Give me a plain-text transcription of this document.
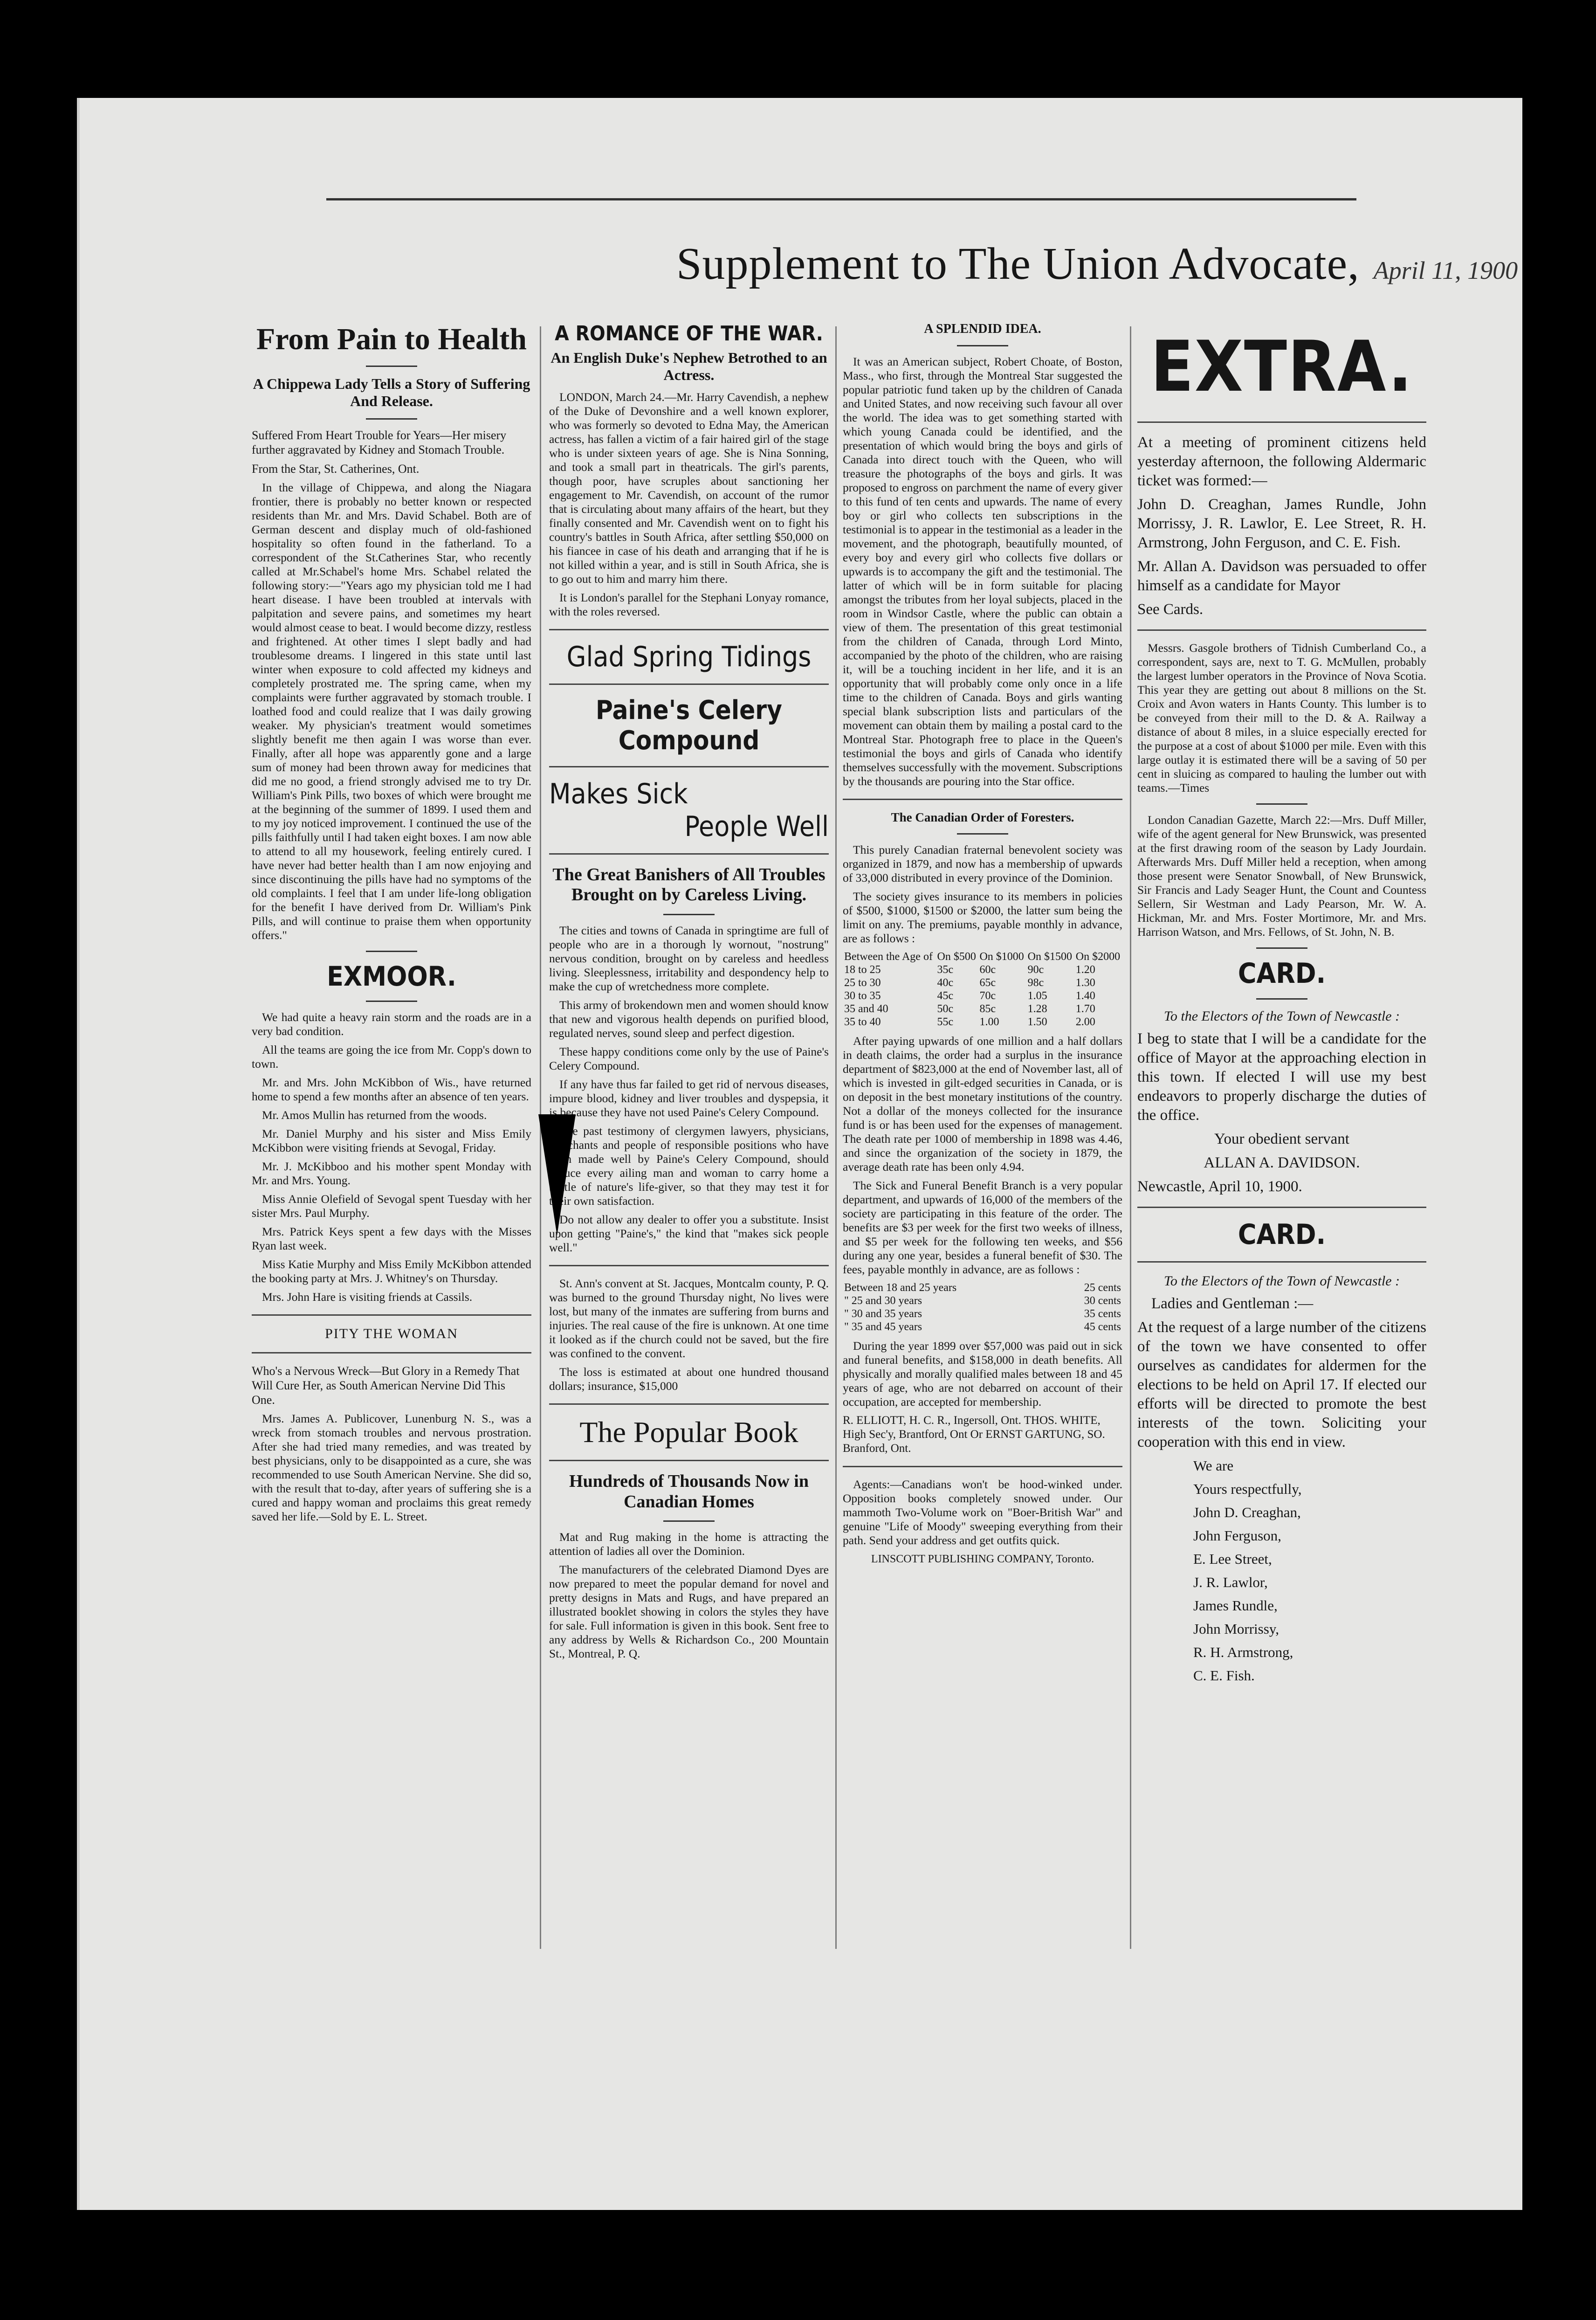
Supplement to The Union Advocate, April 11, 1900
From Pain to Health
A Chippewa Lady Tells a Story of Suffering And Release.

Suffered From Heart Trouble for Years—Her misery further aggravated by Kidney and Stomach Trouble.

From the Star, St. Catherines, Ont.

In the village of Chippewa, and along the Niagara frontier, there is probably no better known or respected residents than Mr. and Mrs. David Schabel. Both are of German descent and display much of old-fashioned hospitality so often found in the fatherland. To a correspondent of the St.Catherines Star, who recently called at Mr.Schabel's home Mrs. Schabel related the following story:—"Years ago my physician told me I had heart disease. I have been troubled at intervals with palpitation and severe pains, and sometimes my heart would almost cease to beat. I would become dizzy, restless and frightened. At other times I slept badly and had troublesome dreams. I lingered in this state until last winter when exposure to cold affected my kidneys and completely prostrated me. The spring came, when my complaints were further aggravated by stomach trouble. I loathed food and could realize that I was daily growing weaker. My physician's treatment would sometimes slightly benefit me then again I was worse than ever. Finally, after all hope was apparently gone and a large sum of money had been thrown away for medicines that did me no good, a friend strongly advised me to try Dr. William's Pink Pills, two boxes of which were brought me at the beginning of the summer of 1899. I used them and to my joy noticed improvement. I continued the use of the pills faithfully until I had taken eight boxes. I am now able to attend to all my housework, feeling entirely cured. I have never had better health than I am now enjoying and since discontinuing the pills have had no symptoms of the old complaints. I feel that I am under life-long obligation for the benefit I have derived from Dr. William's Pink Pills, and will continue to praise them when opportunity offers."

EXMOOR.

We had quite a heavy rain storm and the roads are in a very bad condition.

All the teams are going the ice from Mr. Copp's down to town.

Mr. and Mrs. John McKibbon of Wis., have returned home to spend a few months after an absence of ten years.

Mr. Amos Mullin has returned from the woods.

Mr. Daniel Murphy and his sister and Miss Emily McKibbon were visiting friends at Sevogal, Friday.

Mr. J. McKibboo and his mother spent Monday with Mr. and Mrs. Young.

Miss Annie Olefield of Sevogal spent Tuesday with her sister Mrs. Paul Murphy.

Mrs. Patrick Keys spent a few days with the Misses Ryan last week.

Miss Katie Murphy and Miss Emily McKibbon attended the booking party at Mrs. J. Whitney's on Thursday.

Mrs. John Hare is visiting friends at Cassils.

PITY THE WOMAN

Who's a Nervous Wreck—But Glory in a Remedy That Will Cure Her, as South American Nervine Did This One.

Mrs. James A. Publicover, Lunenburg N. S., was a wreck from stomach troubles and nervous prostration. After she had tried many remedies, and was treated by best physicians, only to be disappointed as a cure, she was recommended to use South American Nervine. She did so, with the result that to-day, after years of suffering she is a cured and happy woman and proclaims this great remedy saved her life.—Sold by E. L. Street.

A ROMANCE OF THE WAR.
An English Duke's Nephew Betrothed to an Actress.

LONDON, March 24.—Mr. Harry Cavendish, a nephew of the Duke of Devonshire and a well known explorer, who was formerly so devoted to Edna May, the American actress, has fallen a victim of a fair haired girl of the stage who is under sixteen years of age. She is Nina Sonning, and took a small part in theatricals. The girl's parents, though poor, have scruples about sanctioning her engagement to Mr. Cavendish, on account of the rumor that is circulating about many affairs of the heart, but they finally consented and Mr. Cavendish went on to fight his country's battles in South Africa, after settling $50,000 on his fiancee in case of his death and arranging that if he is not killed within a year, and is still in South Africa, she is to go out to him and marry him there.

It is London's parallel for the Stephani Lonyay romance, with the roles reversed.

Glad Spring Tidings
Paine's Celery Compound
Makes Sick
People Well
The Great Banishers of All Troubles Brought on by Careless Living.

The cities and towns of Canada in springtime are full of people who are in a thorough ly wornout, "nostrung" nervous condition, brought on by careless and heedless living. Sleeplessness, irritability and despondency help to make the cup of wretchedness more complete.

This army of brokendown men and women should know that new and vigorous health depends on purified blood, regulated nerves, sound sleep and perfect digestion.

These happy conditions come only by the use of Paine's Celery Compound.

If any have thus far failed to get rid of nervous diseases, impure blood, kidney and liver troubles and dyspepsia, it is because they have not used Paine's Celery Compound.

The past testimony of clergymen lawyers, physicians, merchants and people of responsible positions who have been made well by Paine's Celery Compound, should induce every ailing man and woman to carry home a bottle of nature's life-giver, so that they may test it for their own satisfaction.

Do not allow any dealer to offer you a substitute. Insist upon getting "Paine's," the kind that "makes sick people well."

St. Ann's convent at St. Jacques, Montcalm county, P. Q. was burned to the ground Thursday night, No lives were lost, but many of the inmates are suffering from burns and injuries. The real cause of the fire is unknown. At one time it looked as if the church could not be saved, but the fire was confined to the convent.

The loss is estimated at about one hundred thousand dollars; insurance, $15,000

The Popular Book
Hundreds of Thousands Now in Canadian Homes

Mat and Rug making in the home is attracting the attention of ladies all over the Dominion.

The manufacturers of the celebrated Diamond Dyes are now prepared to meet the popular demand for novel and pretty designs in Mats and Rugs, and have prepared an illustrated booklet showing in colors the styles they have for sale. Full information is given in this book. Sent free to any address by Wells & Richardson Co., 200 Mountain St., Montreal, P. Q.

A SPLENDID IDEA.

It was an American subject, Robert Choate, of Boston, Mass., who first, through the Montreal Star suggested the popular patriotic fund taken up by the children of Canada and United States, and now receiving such favour all over the world. The idea was to get something started with which young Canada could be identified, and the presentation of which would bring the boys and girls of Canada into direct touch with the Queen, who will treasure the photographs of the boys and girls. It was proposed to engross on parchment the name of every giver to this fund of ten cents and upwards. The name of every boy or girl who collects ten subscriptions in the testimonial is to appear in the testimonial as a leader in the movement, and the photograph, beautifully mounted, of every boy and every girl who collects five dollars or upwards is to accompany the gift and the testimonial. The latter of which will be in form suitable for placing amongst the tributes from her loyal subjects, placed in the room in Windsor Castle, where the public can obtain a view of them. The presentation of this great testimonial from the children of Canada, through Lord Minto, accompanied by the photo of the children, who are raising it, will be a touching incident in her life, and it is an opportunity that will probably come only once in a life time to the children of Canada. Boys and girls wanting special blank subscription lists and particulars of the movement can obtain them by mailing a postal card to the Montreal Star. Photograph free to place in the Queen's testimonial the boys and girls of Canada who identify themselves successfully with the movement. Subscriptions by the thousands are pouring into the Star office.

The Canadian Order of Foresters.

This purely Canadian fraternal benevolent society was organized in 1879, and now has a membership of upwards of 33,000 distributed in every province of the Dominion.

The society gives insurance to its members in policies of $500, $1000, $1500 or $2000, the latter sum being the limit on any. The premiums, payable monthly in advance, are as follows :

Between the Age of	On $500	On $1000	On $1500	On $2000
18 to 25	35c	60c	90c	1.20
25 to 30	40c	65c	98c	1.30
30 to 35	45c	70c	1.05	1.40
35 and 40	50c	85c	1.28	1.70
35 to 40	55c	1.00	1.50	2.00

After paying upwards of one million and a half dollars in death claims, the order had a surplus in the insurance department of $823,000 at the end of November last, all of which is invested in gilt-edged securities in Canada, or is on deposit in the best monetary institutions of the country. Not a dollar of the moneys collected for the insurance fund is or has been used for the expenses of management. The death rate per 1000 of membership in 1898 was 4.46, and since the organization of the society in 1879, the average death rate has been only 4.94.

The Sick and Funeral Benefit Branch is a very popular department, and upwards of 16,000 of the members of the society are participating in this feature of the order. The benefits are $3 per week for the first two weeks of illness, and $5 per week for the following ten weeks, and $56 during any one year, besides a funeral benefit of $30. The fees, payable monthly in advance, are as follows :

Between 18 and 25 years	25 cents
" 25 and 30 years	30 cents
" 30 and 35 years	35 cents
" 35 and 45 years	45 cents

During the year 1899 over $57,000 was paid out in sick and funeral benefits, and $158,000 in death benefits. All physically and morally qualified males between 18 and 45 years of age, who are not debarred on account of their occupation, are accepted for membership.

R. ELLIOTT, H. C. R., Ingersoll, Ont. THOS. WHITE, High Sec'y, Brantford, Ont Or ERNST GARTUNG, SO. Branford, Ont.

Agents:—Canadians won't be hood-winked under. Opposition books completely snowed under. Our mammoth Two-Volume work on "Boer-British War" and genuine "Life of Moody" sweeping everything from their path. Send your address and get outfits quick.

LINSCOTT PUBLISHING COMPANY, Toronto.

EXTRA.

At a meeting of prominent citizens held yesterday afternoon, the following Aldermaric ticket was formed:—

John D. Creaghan, James Rundle, John Morrissy, J. R. Lawlor, E. Lee Street, R. H. Armstrong, John Ferguson, and C. E. Fish.

Mr. Allan A. Davidson was persuaded to offer himself as a candidate for Mayor

See Cards.

Messrs. Gasgole brothers of Tidnish Cumberland Co., a correspondent, says are, next to T. G. McMullen, probably the largest lumber operators in the Province of Nova Scotia. This year they are getting out about 8 millions on the St. Croix and Avon waters in Hants County. This lumber is to be conveyed from their mill to the D. & A. Railway a distance of about 8 miles, in a sluice especially erected for the purpose at a cost of about $1000 per mile. Even with this large outlay it is estimated there will be a saving of 50 per cent in sluicing as compared to hauling the lumber out with teams.—Times

London Canadian Gazette, March 22:—Mrs. Duff Miller, wife of the agent general for New Brunswick, was presented at the first drawing room of the season by Lady Jourdain. Afterwards Mrs. Duff Miller held a reception, when among those present were Senator Snowball, of New Brunswick, Sir Francis and Lady Seager Hunt, the Count and Countess Sellern, Sir Westman and Lady Pearson, Mr. W. A. Hickman, Mr. and Mrs. Foster Mortimore, Mr. and Mrs. Harrison Watson, and Mrs. Fellows, of St. John, N. B.

CARD.

To the Electors of the Town of Newcastle :

I beg to state that I will be a candidate for the office of Mayor at the approaching election in this town. If elected I will use my best endeavors to properly discharge the duties of the office.

Your obedient servant

ALLAN A. DAVIDSON.

Newcastle, April 10, 1900.

CARD.

To the Electors of the Town of Newcastle :

Ladies and Gentleman :—

At the request of a large number of the citizens of the town we have consented to offer ourselves as candidates for aldermen for the elections to be held on April 17. If elected our efforts will be directed to promote the best interests of the town. Soliciting your cooperation with this end in view.

We are

Yours respectfully,

John D. Creaghan,

John Ferguson,

E. Lee Street,

J. R. Lawlor,

James Rundle,

John Morrissy,

R. H. Armstrong,

C. E. Fish.
